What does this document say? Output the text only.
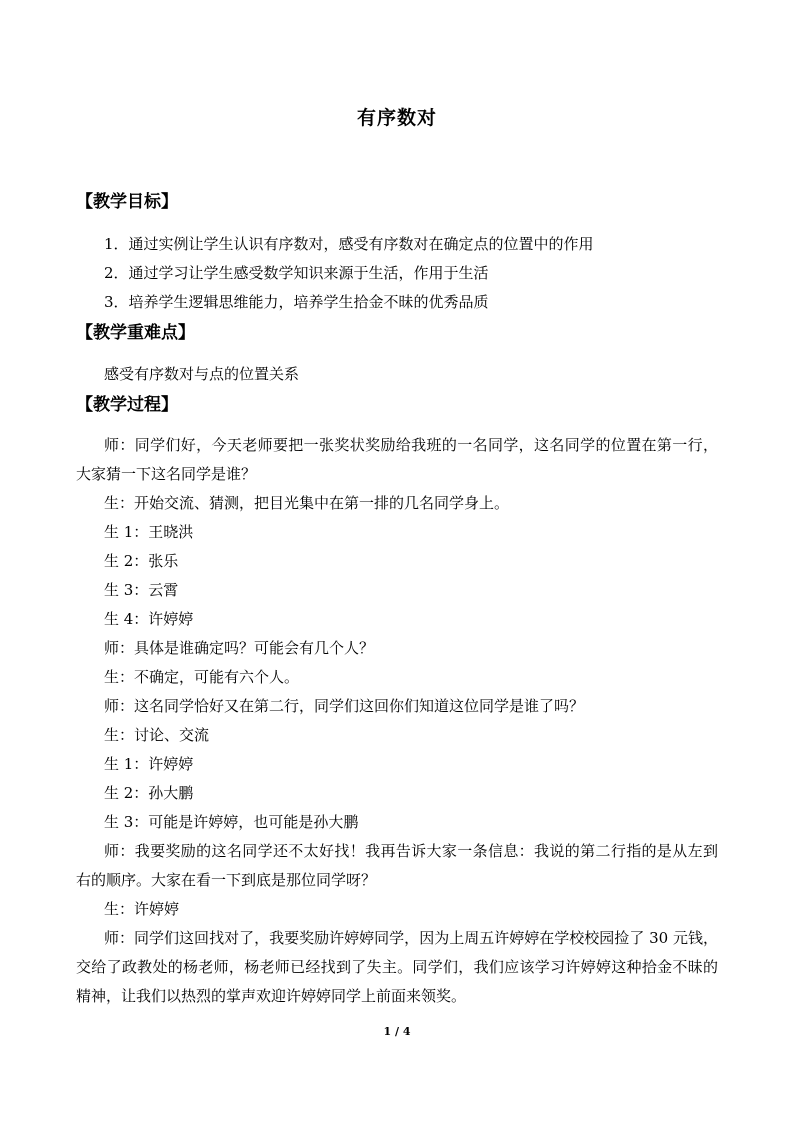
有序数对
【教学目标】
1．通过实例让学生认识有序数对，感受有序数对在确定点的位置中的作用
2．通过学习让学生感受数学知识来源于生活，作用于生活
3．培养学生逻辑思维能力，培养学生拾金不昧的优秀品质
【教学重难点】
感受有序数对与点的位置关系
【教学过程】
师：同学们好，今天老师要把一张奖状奖励给我班的一名同学，这名同学的位置在第一行，大家猜一下这名同学是谁？
生：开始交流、猜测，把目光集中在第一排的几名同学身上。
生 1：王晓洪
生 2：张乐
生 3：云霄
生 4：许婷婷
师：具体是谁确定吗？可能会有几个人？
生：不确定，可能有六个人。
师：这名同学恰好又在第二行，同学们这回你们知道这位同学是谁了吗？
生：讨论、交流
生 1：许婷婷
生 2：孙大鹏
生 3：可能是许婷婷，也可能是孙大鹏
师：我要奖励的这名同学还不太好找！我再告诉大家一条信息：我说的第二行指的是从左到右的顺序。大家在看一下到底是那位同学呀？
生：许婷婷
师：同学们这回找对了，我要奖励许婷婷同学，因为上周五许婷婷在学校校园捡了 30 元钱，交给了政教处的杨老师，杨老师已经找到了失主。同学们，我们应该学习许婷婷这种拾金不昧的精神，让我们以热烈的掌声欢迎许婷婷同学上前面来领奖。
1 / 4
